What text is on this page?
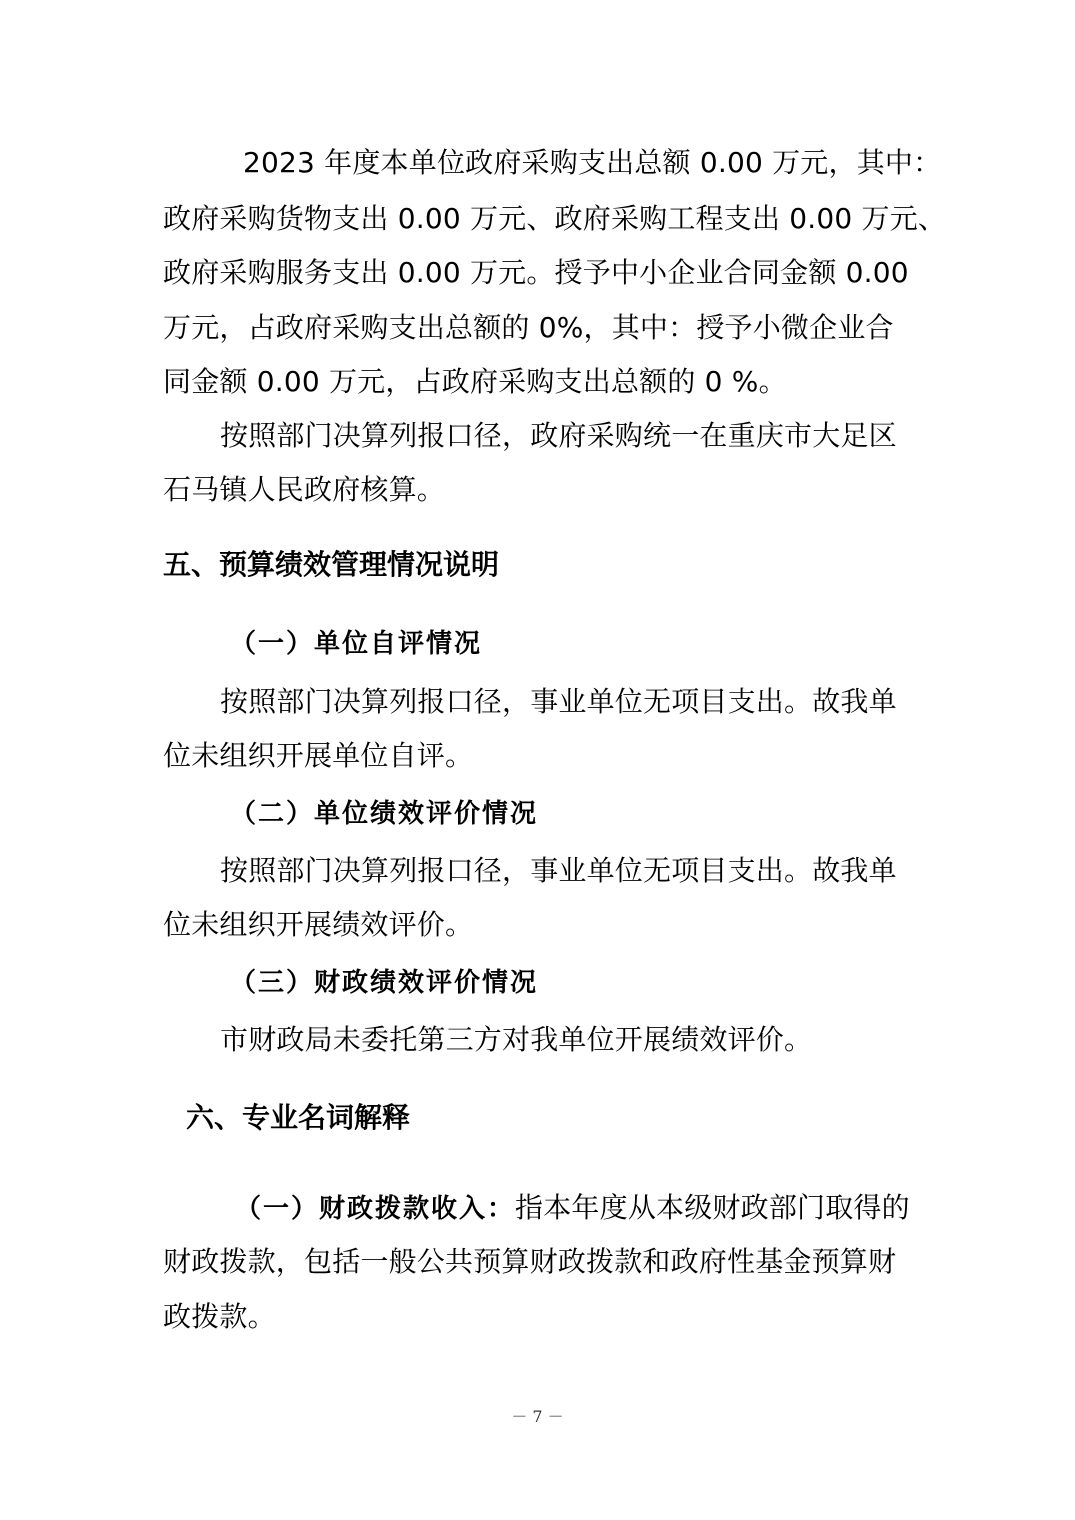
2023 年度本单位政府采购支出总额 0.00 万元，其中：
政府采购货物支出 0.00 万元、政府采购工程支出 0.00 万元、
政府采购服务支出 0.00 万元。授予中小企业合同金额 0.00
万元，占政府采购支出总额的 0%，其中：授予小微企业合
同金额 0.00 万元，占政府采购支出总额的 0 %。
按照部门决算列报口径，政府采购统一在重庆市大足区
石马镇人民政府核算。
五、预算绩效管理情况说明
（一）单位自评情况
按照部门决算列报口径，事业单位无项目支出。故我单
位未组织开展单位自评。
（二）单位绩效评价情况
按照部门决算列报口径，事业单位无项目支出。故我单
位未组织开展绩效评价。
（三）财政绩效评价情况
市财政局未委托第三方对我单位开展绩效评价。
六、专业名词解释
（一）财政拨款收入：指本年度从本级财政部门取得的
财政拨款，包括一般公共预算财政拨款和政府性基金预算财
政拨款。
－ 7 －
